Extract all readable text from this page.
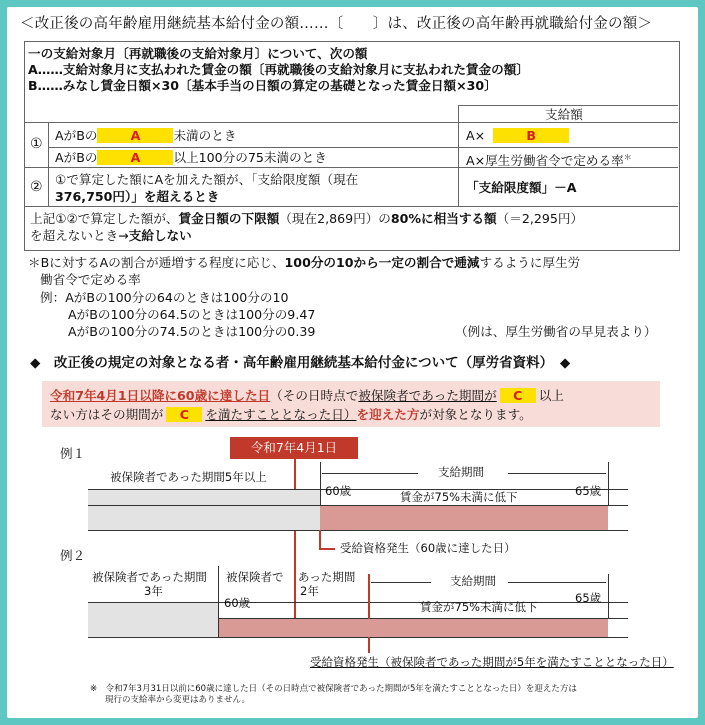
＜改正後の高年齢雇用継続基本給付金の額……〔　　〕は、改正後の高年齢再就職給付金の額＞
一の支給対象月〔再就職後の支給対象月〕について、次の額
A……支給対象月に支払われた賃金の額〔再就職後の支給対象月に支払われた賃金の額〕
B……みなし賃金日額×30〔基本手当の日額の算定の基礎となった賃金日額×30〕
支給額
①
AがBの	A	未満のとき	A×	B
AがBの	A	以上100分の75未満のとき	A×厚生労働省令で定める率＊
② ①で算定した額にAを加えた額が、「支給限度額（現在
376,750円）」を超えるとき
「支給限度額」－A
上記①②で算定した額が、賃金日額の下限額（現在2,869円）の80%に相当する額（＝2,295円）
を超えないとき→支給しない
＊Bに対するAの割合が逓増する程度に応じ、100分の10から一定の割合で逓減するように厚生労
働省令で定める率
例：AがBの100分の64のときは100分の10
AがBの100分の64.5のときは100分の9.47
AがBの100分の74.5のときは100分の0.39	（例は、厚生労働省の早見表より）
◆　改正後の規定の対象となる者・高年齢雇用継続基本給付金について（厚労省資料）　◆
令和7年4月1日以降に60歳に達した日（その日時点で被保険者であった期間が C 以上
ない方はその期間が C を満たすこととなった日）を迎えた方が対象となります。
令和7年4月1日
例１
被保険者であった期間5年以上	支給期間
60歳	65歳
賃金が75%未満に低下
受給資格発生（60歳に達した日）
例２
被保険者であった期間
3年
被保険者で
60歳
あった期間
2年
支給期間
65歳
賃金が75%未満に低下
受給資格発生（被保険者であった期間が5年を満たすこととなった日）
※　令和7年3月31日以前に60歳に達した日（その日時点で被保険者であった期間が5年を満たすこととなった日）を迎えた方は
現行の支給率から変更はありません。
